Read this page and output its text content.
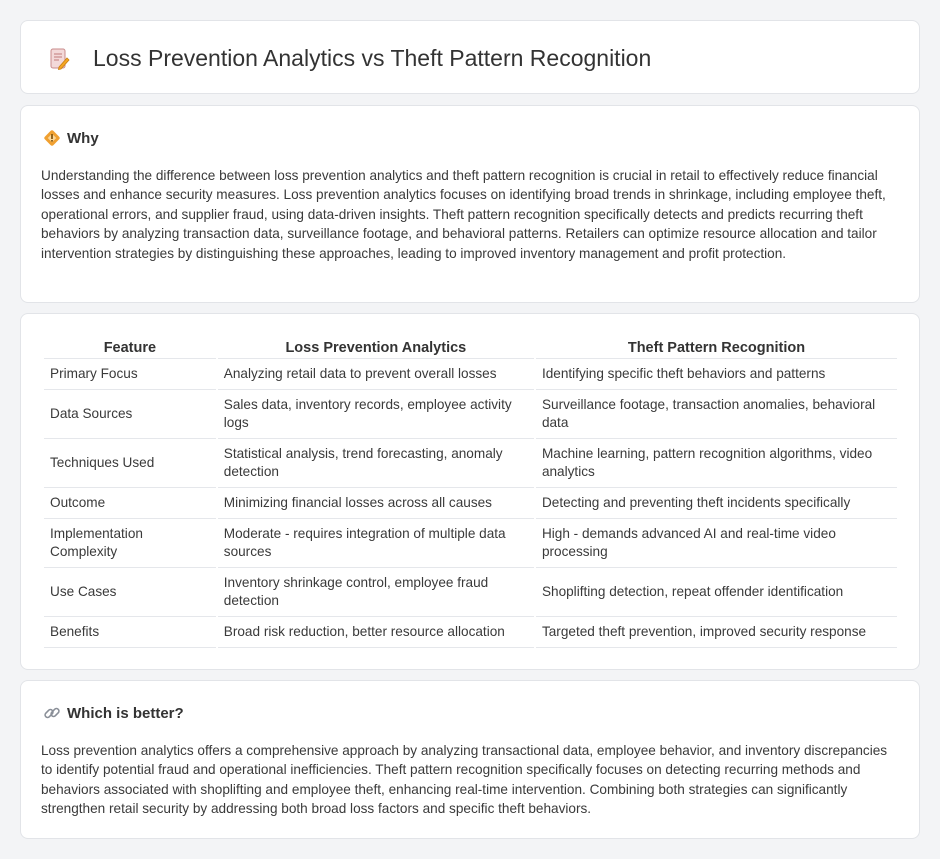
Loss Prevention Analytics vs Theft Pattern Recognition
Why

Understanding the difference between loss prevention analytics and theft pattern recognition is crucial in retail to effectively reduce financial losses and enhance security measures. Loss prevention analytics focuses on identifying broad trends in shrinkage, including employee theft, operational errors, and supplier fraud, using data-driven insights. Theft pattern recognition specifically detects and predicts recurring theft behaviors by analyzing transaction data, surveillance footage, and behavioral patterns. Retailers can optimize resource allocation and tailor intervention strategies by distinguishing these approaches, leading to improved inventory management and profit protection.

Feature	Loss Prevention Analytics	Theft Pattern Recognition
Primary Focus	Analyzing retail data to prevent overall losses	Identifying specific theft behaviors and patterns
Data Sources	Sales data, inventory records, employee activity logs	Surveillance footage, transaction anomalies, behavioral data
Techniques Used	Statistical analysis, trend forecasting, anomaly detection	Machine learning, pattern recognition algorithms, video analytics
Outcome	Minimizing financial losses across all causes	Detecting and preventing theft incidents specifically
Implementation Complexity	Moderate - requires integration of multiple data sources	High - demands advanced AI and real-time video processing
Use Cases	Inventory shrinkage control, employee fraud detection	Shoplifting detection, repeat offender identification
Benefits	Broad risk reduction, better resource allocation	Targeted theft prevention, improved security response
Which is better?

Loss prevention analytics offers a comprehensive approach by analyzing transactional data, employee behavior, and inventory discrepancies to identify potential fraud and operational inefficiencies. Theft pattern recognition specifically focuses on detecting recurring methods and behaviors associated with shoplifting and employee theft, enhancing real-time intervention. Combining both strategies can significantly strengthen retail security by addressing both broad loss factors and specific theft behaviors.
